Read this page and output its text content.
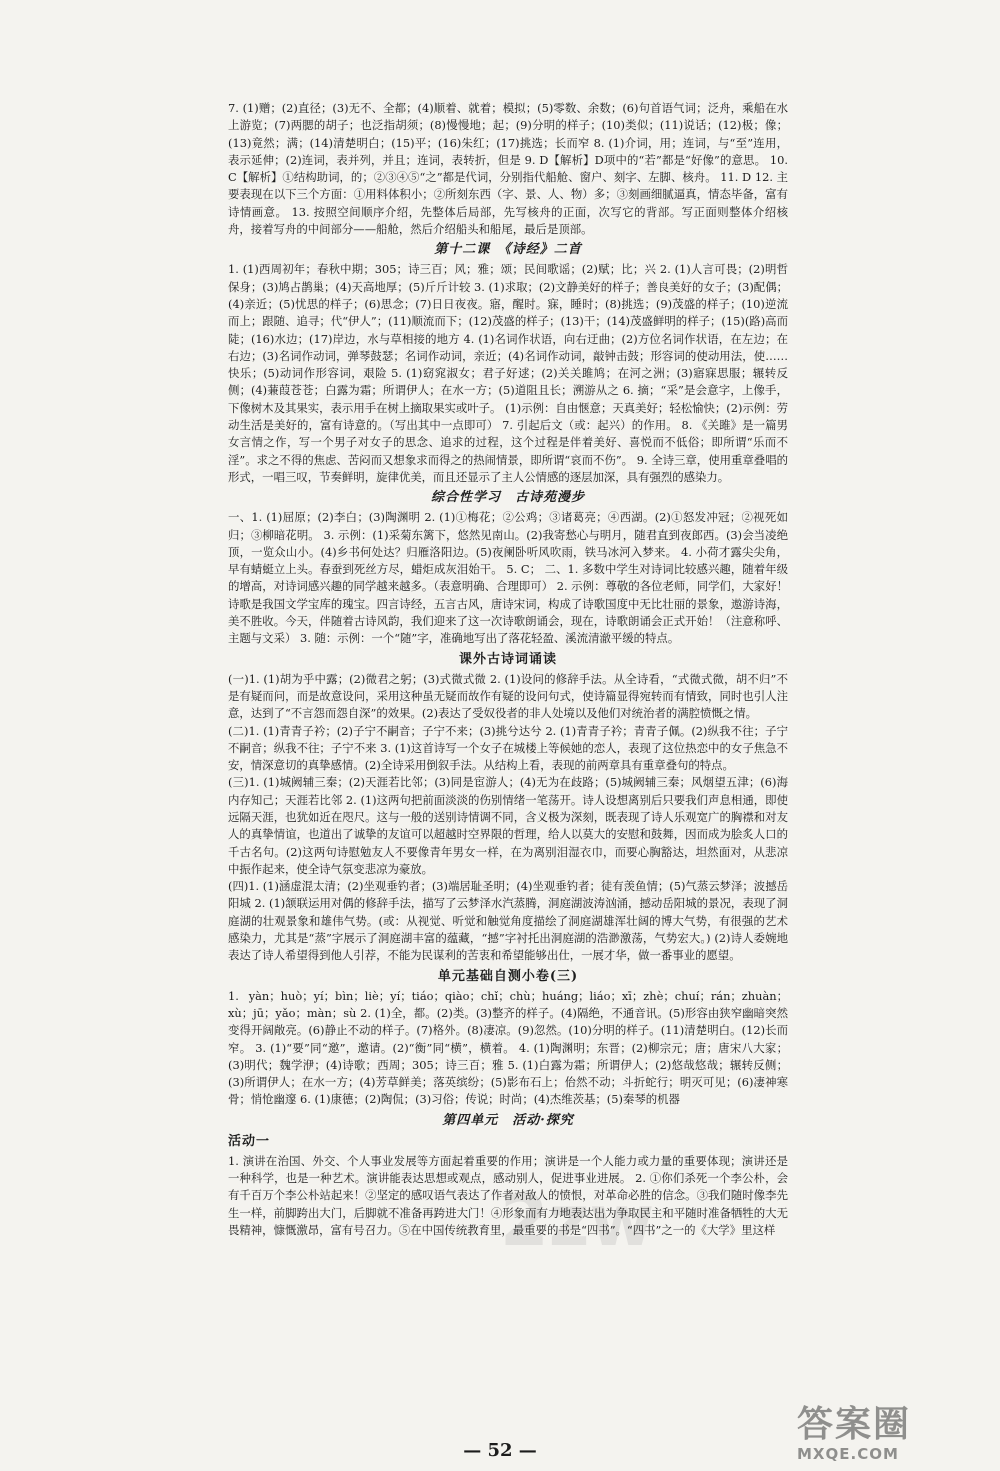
2zw

7. (1)赠；(2)直径；(3)无不、全都；(4)顺着、就着；模拟；(5)零数、余数；(6)句首语气词；泛舟，乘船在水上游览；(7)两腮的胡子；也泛指胡须；(8)慢慢地；起；(9)分明的样子；(10)类似；(11)说话；(12)极；像；(13)竟然；满；(14)清楚明白；(15)平；(16)朱红；(17)挑选；长而窄 8. (1)介词，用；连词，与“至”连用，表示延伸；(2)连词，表并列，并且；连词，表转折，但是 9. D【解析】D项中的“若”都是“好像”的意思。 10. C【解析】①结构助词，的；②③④⑤“之”都是代词，分别指代船舱、窗户、刻字、左脚、核舟。 11. D 12. 主要表现在以下三个方面：①用料体积小；②所刻东西（字、景、人、物）多；③刻画细腻逼真，情态毕备，富有诗情画意。 13. 按照空间顺序介绍，先整体后局部，先写核舟的正面，次写它的背部。写正面则整体介绍核舟，接着写舟的中间部分——船舱，然后介绍船头和船尾，最后是顶部。

第十二课　《诗经》二首

1. (1)西周初年；春秋中期；305；诗三百；风；雅；颂；民间歌谣；(2)赋；比；兴 2. (1)人言可畏；(2)明哲保身；(3)鸠占鹊巢；(4)天高地厚；(5)斤斤计较 3. (1)求取；(2)文静美好的样子；善良美好的女子；(3)配偶；(4)亲近；(5)忧思的样子；(6)思念；(7)日日夜夜。寤，醒时。寐，睡时；(8)挑选；(9)茂盛的样子；(10)逆流而上；跟随、追寻；代“伊人”；(11)顺流而下；(12)茂盛的样子；(13)干；(14)茂盛鲜明的样子；(15)(路)高而陡；(16)水边；(17)岸边，水与草相接的地方 4. (1)名词作状语，向右迂曲；(2)方位名词作状语，在左边；在右边；(3)名词作动词，弹琴鼓瑟；名词作动词，亲近；(4)名词作动词，敲钟击鼓；形容词的使动用法，使……快乐；(5)动词作形容词，艰险 5. (1)窈窕淑女；君子好逑；(2)关关雎鸠；在河之洲；(3)寤寐思服；辗转反侧；(4)蒹葭苍苍；白露为霜；所谓伊人；在水一方；(5)道阻且长；溯游从之 6. 摘；“采”是会意字，上像手，下像树木及其果实，表示用手在树上摘取果实或叶子。 (1)示例：自由惬意；天真美好；轻松愉快；(2)示例：劳动生活是美好的，富有诗意的。（写出其中一点即可） 7. 引起后文（或：起兴）的作用。 8. 《关雎》是一篇男女言情之作，写一个男子对女子的思念、追求的过程，这个过程是伴着美好、喜悦而不低俗；即所谓“乐而不淫”。求之不得的焦虑、苦闷而又想象求而得之的热闹情景，即所谓“哀而不伤”。 9. 全诗三章，使用重章叠唱的形式，一唱三叹，节奏鲜明，旋律优美，而且还显示了主人公情感的逐层加深，具有强烈的感染力。

综合性学习　古诗苑漫步

一、1. (1)屈原；(2)李白；(3)陶渊明 2. (1)①梅花；②公鸡；③诸葛亮；④西湖。(2)①怒发冲冠；②视死如归；③柳暗花明。 3. 示例：(1)采菊东篱下，悠然见南山。(2)我寄愁心与明月，随君直到夜郎西。(3)会当凌绝顶，一览众山小。(4)乡书何处达？归雁洛阳边。(5)夜阑卧听风吹雨，铁马冰河入梦来。 4. 小荷才露尖尖角，早有蜻蜓立上头。春蚕到死丝方尽，蜡炬成灰泪始干。 5. C； 二、1. 多数中学生对诗词比较感兴趣，随着年级的增高，对诗词感兴趣的同学越来越多。（表意明确、合理即可） 2. 示例：尊敬的各位老师，同学们，大家好！诗歌是我国文学宝库的瑰宝。四言诗经，五言古风，唐诗宋词，构成了诗歌国度中无比壮丽的景象，遨游诗海，美不胜收。今天，伴随着古诗风韵，我们迎来了这一次诗歌朗诵会，现在，诗歌朗诵会正式开始！（注意称呼、主题与文采） 3. 随：示例：一个“随”字，准确地写出了落花轻盈、溪流清澈平缓的特点。

课外古诗词诵读

(一)1. (1)胡为乎中露；(2)微君之躬；(3)式微式微 2. (1)设问的修辞手法。从全诗看，“式微式微，胡不归”不是有疑而问，而是故意设问，采用这种虽无疑而故作有疑的设问句式，使诗篇显得宛转而有情致，同时也引人注意，达到了“不言怨而怨自深”的效果。(2)表达了受奴役者的非人处境以及他们对统治者的满腔愤慨之情。

(二)1. (1)青青子衿；(2)子宁不嗣音；子宁不来；(3)挑兮达兮 2. (1)青青子衿；青青子佩。(2)纵我不往；子宁不嗣音；纵我不往；子宁不来 3. (1)这首诗写一个女子在城楼上等候她的恋人，表现了这位热恋中的女子焦急不安，情深意切的真挚感情。(2)全诗采用倒叙手法。从结构上看，表现的前两章具有重章叠句的特点。

(三)1. (1)城阙辅三秦；(2)天涯若比邻；(3)同是宦游人；(4)无为在歧路；(5)城阙辅三秦；风烟望五津；(6)海内存知己；天涯若比邻 2. (1)这两句把前面淡淡的伤别情绪一笔荡开。诗人设想离别后只要我们声息相通，即使远隔天涯，也犹如近在咫尺。这与一般的送别诗情调不同，含义极为深刻，既表现了诗人乐观宽广的胸襟和对友人的真挚情谊，也道出了诚挚的友谊可以超越时空界限的哲理，给人以莫大的安慰和鼓舞，因而成为脍炙人口的千古名句。(2)这两句诗慰勉友人不要像青年男女一样，在为离别泪湿衣巾，而要心胸豁达，坦然面对，从悲凉中振作起来，使全诗气氛变悲凉为豪放。

(四)1. (1)涵虚混太清；(2)坐观垂钓者；(3)端居耻圣明；(4)坐观垂钓者；徒有羡鱼情；(5)气蒸云梦泽；波撼岳阳城 2. (1)颔联运用对偶的修辞手法，描写了云梦泽水汽蒸腾，洞庭湖波涛汹涌，撼动岳阳城的景况，表现了洞庭湖的壮观景象和雄伟气势。(或：从视觉、听觉和触觉角度描绘了洞庭湖雄浑壮阔的博大气势，有很强的艺术感染力，尤其是“蒸”字展示了洞庭湖丰富的蕴藏，“撼”字衬托出洞庭湖的浩渺激荡，气势宏大。) (2)诗人委婉地表达了诗人希望得到他人引荐，不能为民谋利的苦衷和希望能够出仕，一展才华，做一番事业的愿望。

单元基础自测小卷(三)

1. yàn；huò；yí；bìn；liè；yí；tiáo；qiào；chǐ；chù；huáng；liáo；xī；zhè；chuí；rán；zhuàn；xù；jū；yǎo；màn；sù 2. (1)全，都。(2)类。(3)整齐的样子。(4)隔绝，不通音讯。(5)形容由狭窄幽暗突然变得开阔敞亮。(6)静止不动的样子。(7)格外。(8)凄凉。(9)忽然。(10)分明的样子。(11)清楚明白。(12)长而窄。 3. (1)“要”同“邀”，邀请。(2)“衡”同“横”，横着。 4. (1)陶渊明；东晋；(2)柳宗元；唐；唐宋八大家；(3)明代；魏学洢；(4)诗歌；西周；305；诗三百；雅 5. (1)白露为霜；所谓伊人；(2)悠哉悠哉；辗转反侧；(3)所谓伊人；在水一方；(4)芳草鲜美；落英缤纷；(5)影布石上；佁然不动；斗折蛇行；明灭可见；(6)凄神寒骨；悄怆幽邃 6. (1)康德；(2)陶侃；(3)习俗；传说；时尚；(4)杰维茨基；(5)秦琴的机器

第四单元　活动·探究
活动一

1. 演讲在治国、外交、个人事业发展等方面起着重要的作用；演讲是一个人能力或力量的重要体现；演讲还是一种科学，也是一种艺术。演讲能表达思想或观点，感动别人，促进事业进展。 2. ①你们杀死一个李公朴，会有千百万个李公朴站起来！②坚定的感叹语气表达了作者对敌人的愤恨，对革命必胜的信念。③我们随时像李先生一样，前脚跨出大门，后脚就不准备再跨进大门！④形象而有力地表达出为争取民主和平随时准备牺牲的大无畏精神，慷慨激昂，富有号召力。⑤在中国传统教育里，最重要的书是“四书”。“四书”之一的《大学》里这样

— 52 —
答案圈
MXQE.COM
